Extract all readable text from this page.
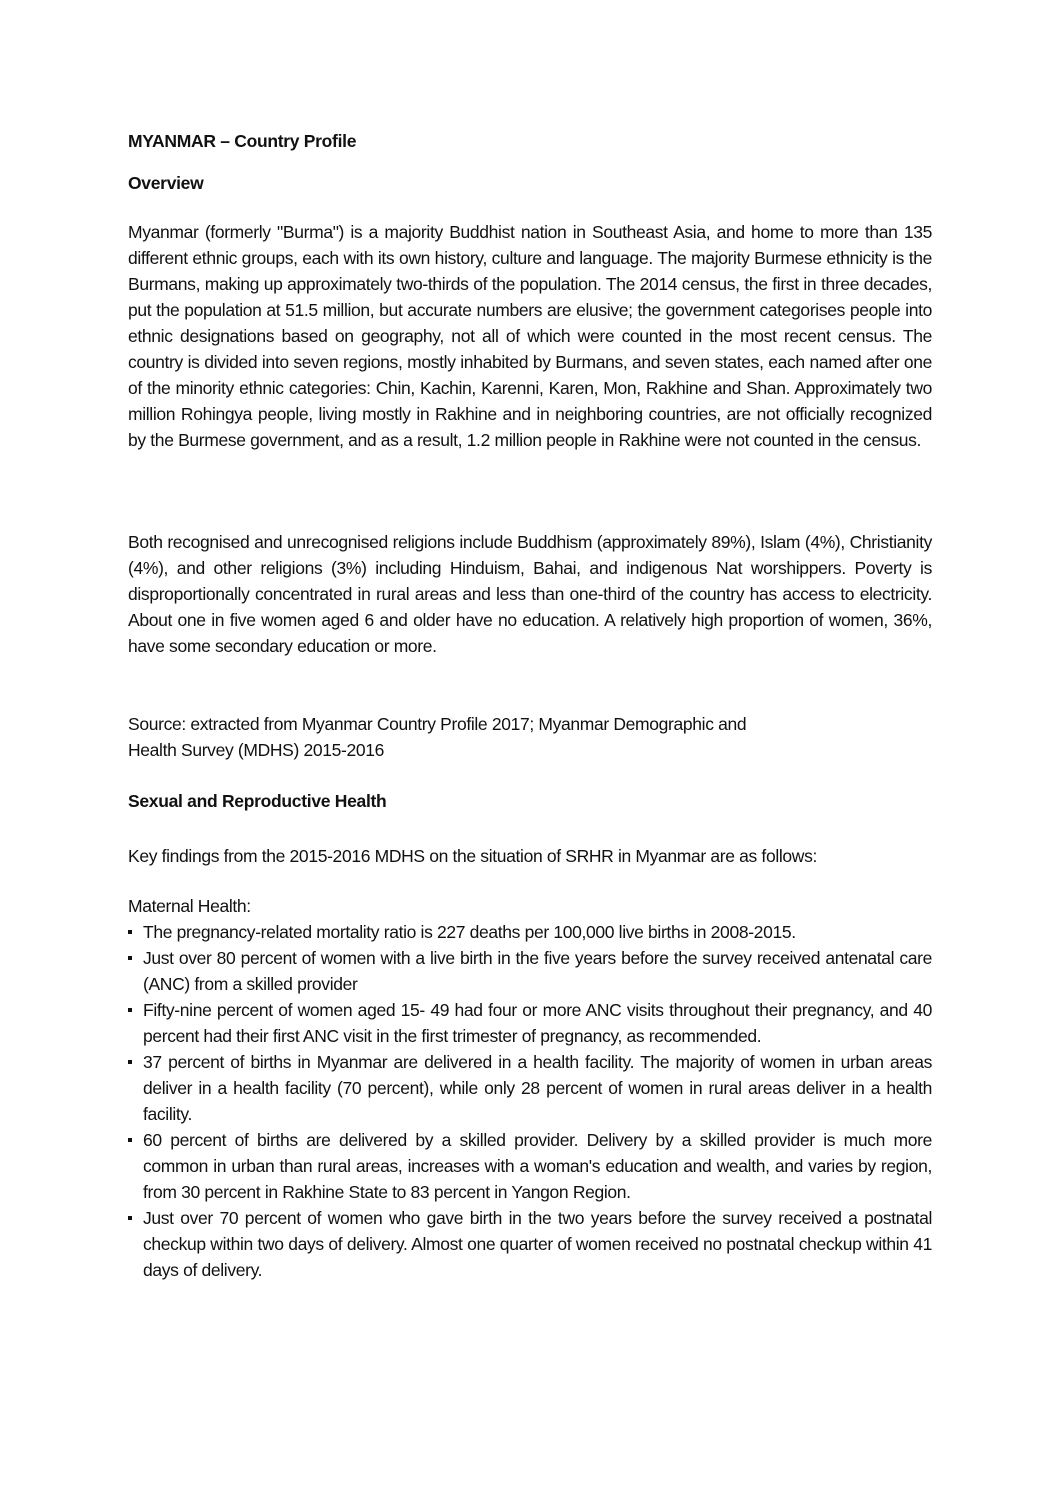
MYANMAR – Country Profile
Overview

Myanmar (formerly "Burma") is a majority Buddhist nation in Southeast Asia, and home to more than 135 different ethnic groups, each with its own history, culture and language. The majority Burmese ethnicity is the Burmans, making up approximately two-thirds of the population. The 2014 census, the first in three decades, put the population at 51.5 million, but accurate numbers are elusive; the government categorises people into ethnic designations based on geography, not all of which were counted in the most recent census. The country is divided into seven regions, mostly inhabited by Burmans, and seven states, each named after one of the minority ethnic categories: Chin, Kachin, Karenni, Karen, Mon, Rakhine and Shan. Approximately two million Rohingya people, living mostly in Rakhine and in neighboring countries, are not officially recognized by the Burmese government, and as a result, 1.2 million people in Rakhine were not counted in the census.

Both recognised and unrecognised religions include Buddhism (approximately 89%), Islam (4%), Christianity (4%), and other religions (3%) including Hinduism, Bahai, and indigenous Nat worshippers. Poverty is disproportionally concentrated in rural areas and less than one-third of the country has access to electricity. About one in five women aged 6 and older have no education. A relatively high proportion of women, 36%, have some secondary education or more.

Source: extracted from Myanmar Country Profile 2017; Myanmar Demographic and
Health Survey (MDHS) 2015-2016
Sexual and Reproductive Health
Key findings from the 2015-2016 MDHS on the situation of SRHR in Myanmar are as follows:
Maternal Health:
The pregnancy-related mortality ratio is 227 deaths per 100,000 live births in 2008-2015.
Just over 80 percent of women with a live birth in the five years before the survey received antenatal care (ANC) from a skilled provider
Fifty-nine percent of women aged 15- 49 had four or more ANC visits throughout their pregnancy, and 40 percent had their first ANC visit in the first trimester of pregnancy, as recommended.
37 percent of births in Myanmar are delivered in a health facility. The majority of women in urban areas deliver in a health facility (70 percent), while only 28 percent of women in rural areas deliver in a health facility.
60 percent of births are delivered by a skilled provider. Delivery by a skilled provider is much more common in urban than rural areas, increases with a woman's education and wealth, and varies by region, from 30 percent in Rakhine State to 83 percent in Yangon Region.
Just over 70 percent of women who gave birth in the two years before the survey received a postnatal checkup within two days of delivery. Almost one quarter of women received no postnatal checkup within 41 days of delivery.
